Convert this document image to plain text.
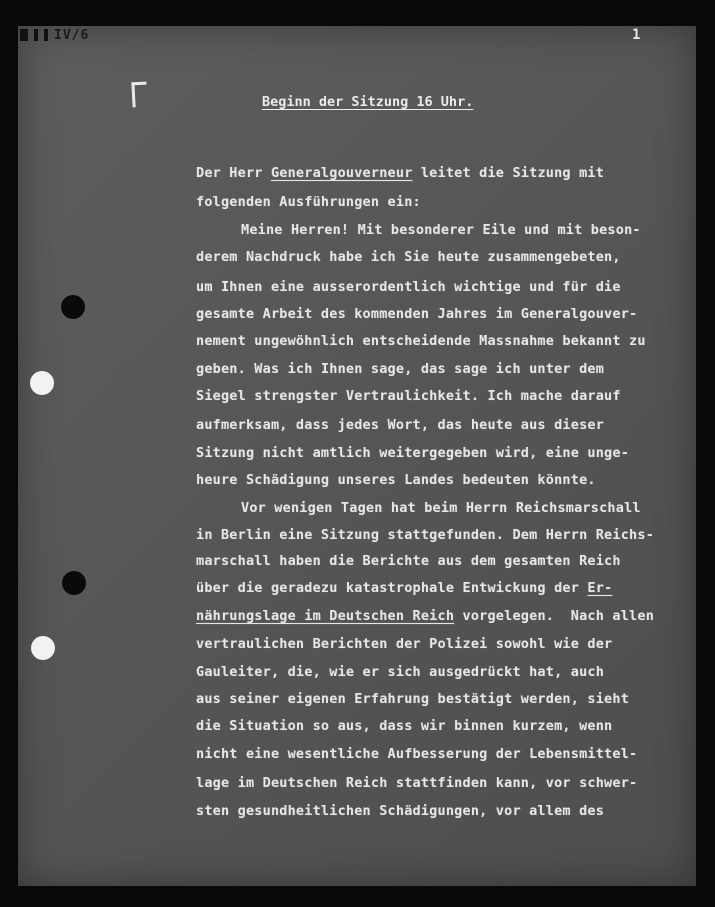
IV/6	1
Beginn der Sitzung 16 Uhr.
Der Herr Generalgouverneur leitet die Sitzung mit
folgenden Ausführungen ein:
Meine Herren! Mit besonderer Eile und mit beson-
derem Nachdruck habe ich Sie heute zusammengebeten,
um Ihnen eine ausserordentlich wichtige und für die
gesamte Arbeit des kommenden Jahres im Generalgouver-
nement ungewöhnlich entscheidende Massnahme bekannt zu
geben. Was ich Ihnen sage, das sage ich unter dem
Siegel strengster Vertraulichkeit. Ich mache darauf
aufmerksam, dass jedes Wort, das heute aus dieser
Sitzung nicht amtlich weitergegeben wird, eine unge-
heure Schädigung unseres Landes bedeuten könnte.
Vor wenigen Tagen hat beim Herrn Reichsmarschall
in Berlin eine Sitzung stattgefunden. Dem Herrn Reichs-
marschall haben die Berichte aus dem gesamten Reich
über die geradezu katastrophale Entwickung der Er-
nährungslage im Deutschen Reich vorgelegen.  Nach allen
vertraulichen Berichten der Polizei sowohl wie der
Gauleiter, die, wie er sich ausgedrückt hat, auch
aus seiner eigenen Erfahrung bestätigt werden, sieht
die Situation so aus, dass wir binnen kurzem, wenn
nicht eine wesentliche Aufbesserung der Lebensmittel-
lage im Deutschen Reich stattfinden kann, vor schwer-
sten gesundheitlichen Schädigungen, vor allem des
